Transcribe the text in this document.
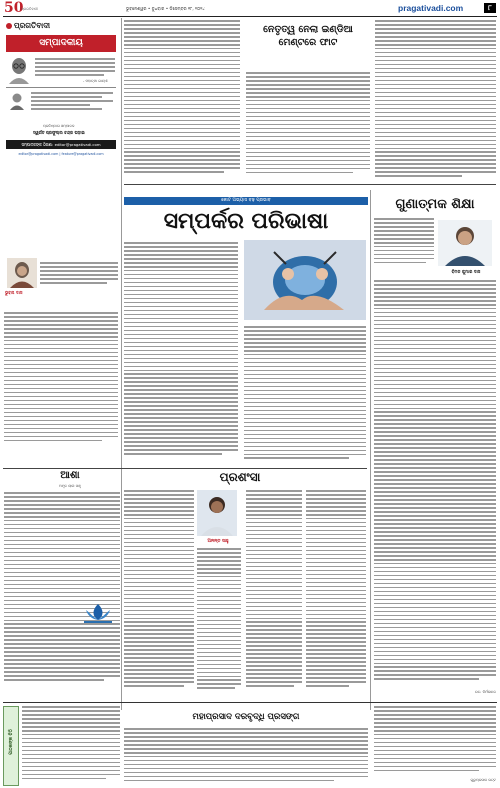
50
ପ୍ରଗତିବାଦୀ	ଭୁବନେଶ୍ୱର • ବୁଧବାର • ଡିସେମ୍ବର ୧୮, ୨୦୨୪	pragativadi.com	୮
ପ୍ରଗତିବାଦୀ
ସମ୍ପାଦକୀୟ
- ମହାତ୍ମା ଗାନ୍ଧୀ
ପ୍ରତିଷ୍ଠାତା ସମ୍ପାଦକ
ସ୍ୱର୍ଗତ ପ୍ରଫୁଲ୍ଲ ଚନ୍ଦ୍ର ଘଡ଼ାଇ
ସମ୍ପାଦକଙ୍କ ଠିକଣା: editor@pragativadi.com
editor@pragativadi.com | feature@pragativadi.com
ନେତୃତ୍ୱ ନେଲା ଇଣ୍ଡିଆ
ମେଣ୍ଟରେ ଫାଟ
କୋଟ ଅଭ୍ୟାସ ବଢ଼ ପ୍ରଭାବ
ସମ୍ପର୍କର ପରିଭାଷା
ଗୁଣାତ୍ମକ ଶିକ୍ଷା
ଭୁବନା ଦାସ
ବିମଳ କୁମାର ଦାସ
ରଚ. ନିର୍ମଳାନନ୍ଦ
ଆଶା
ଅମୃତ ଲାଲ ସାହୁ
ପ୍ରଶଂସା
ଅନନ୍ତ ସାହୁ
ପାଠକଙ୍କ ଚିଠି
ମହାପ୍ରସାଦ ଦରବୃଦ୍ଧି ପ୍ରସଙ୍ଗ
ଗୁରୁପ୍ରସାଦ ଭଟ୍ଟ
